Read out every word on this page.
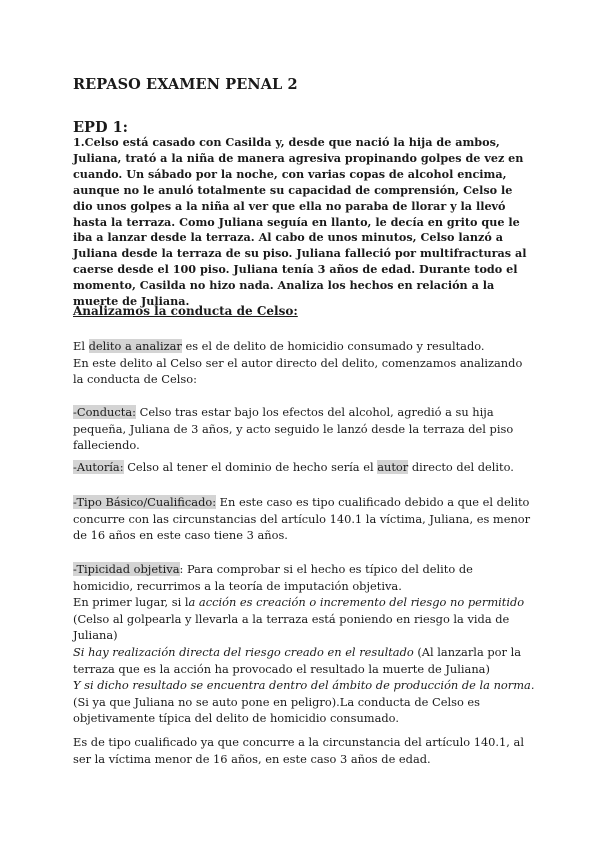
REPASO EXAMEN PENAL 2
EPD 1:

1.Celso está casado con Casilda y, desde que nació la hija de ambos, Juliana, trató a la niña de manera agresiva propinando golpes de vez en cuando. Un sábado por la noche, con varias copas de alcohol encima, aunque no le anuló totalmente su capacidad de comprensión, Celso le dio unos golpes a la niña al ver que ella no paraba de llorar y la llevó hasta la terraza. Como Juliana seguía en llanto, le decía en grito que le iba a lanzar desde la terraza. Al cabo de unos minutos, Celso lanzó a Juliana desde la terraza de su piso. Juliana falleció por multifracturas al caerse desde el 100 piso. Juliana tenía 3 años de edad. Durante todo el momento, Casilda no hizo nada. Analiza los hechos en relación a la muerte de Juliana.

Analizamos la conducta de Celso:

El delito a analizar es el de delito de homicidio consumado y resultado.
En este delito al Celso ser el autor directo del delito, comenzamos analizando la conducta de Celso:

-Conducta: Celso tras estar bajo los efectos del alcohol, agredió a su hija pequeña, Juliana de 3 años, y acto seguido le lanzó desde la terraza del piso falleciendo.

-Autoría: Celso al tener el dominio de hecho sería el autor directo del delito.

-Tipo Básico/Cualificado: En este caso es tipo cualificado debido a que el delito concurre con las circunstancias del artículo 140.1 la víctima, Juliana, es menor de 16 años en este caso tiene 3 años.

-Tipicidad objetiva: Para comprobar si el hecho es típico del delito de homicidio, recurrimos a la teoría de imputación objetiva.
En primer lugar, si la acción es creación o incremento del riesgo no permitido (Celso al golpearla y llevarla a la terraza está poniendo en riesgo la vida de Juliana)
Si hay realización directa del riesgo creado en el resultado (Al lanzarla por la terraza que es la acción ha provocado el resultado la muerte de Juliana)
Y si dicho resultado se encuentra dentro del ámbito de producción de la norma.(Si ya que Juliana no se auto pone en peligro).La conducta de Celso es objetivamente típica del delito de homicidio consumado.

Es de tipo cualificado ya que concurre a la circunstancia del artículo 140.1, al ser la víctima menor de 16 años, en este caso 3 años de edad.
